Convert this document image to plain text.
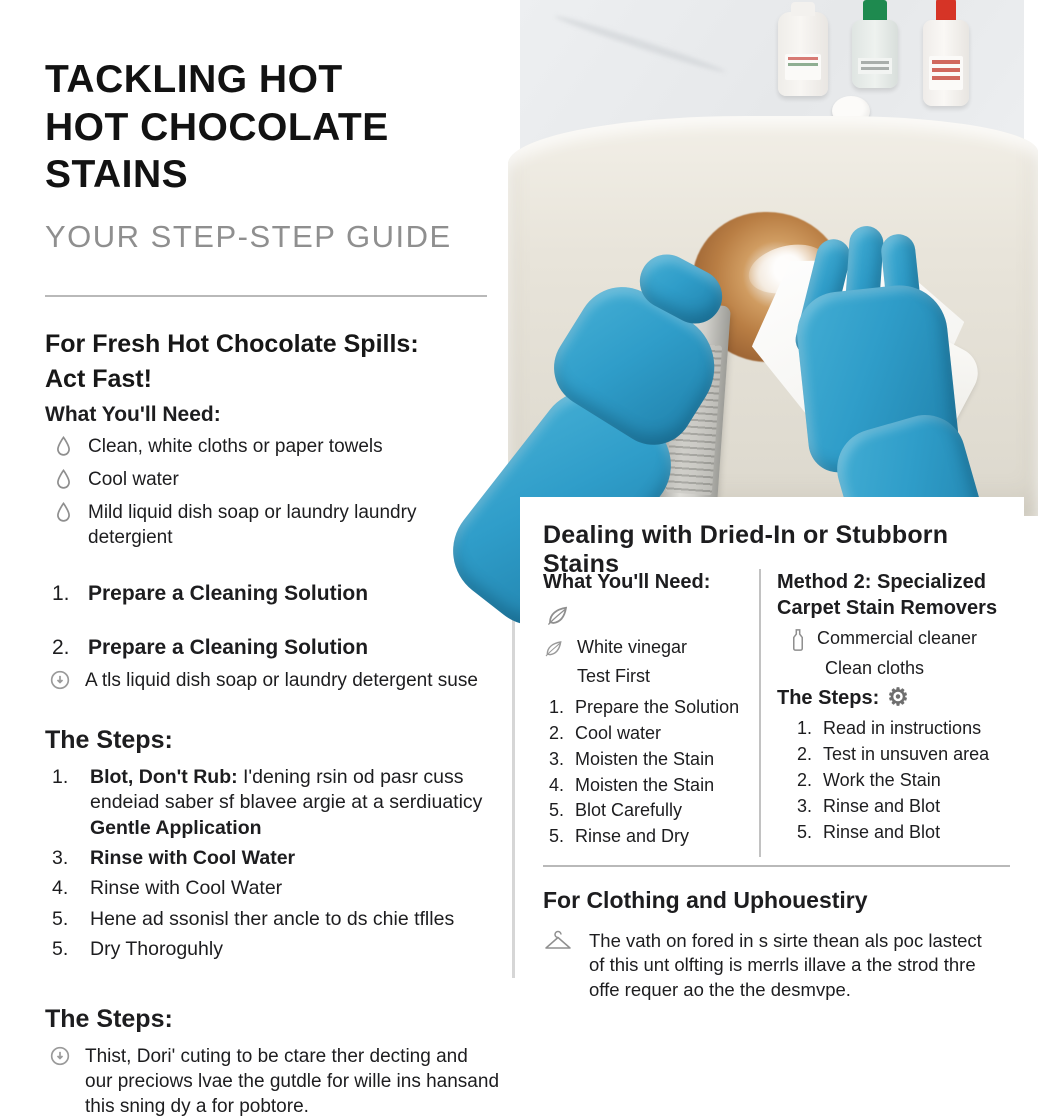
TACKLING HOT
HOT CHOCOLATE STAINS
YOUR STEP-STEP GUIDE
For Fresh Hot Chocolate Spills:
Act Fast!
What You'll Need:
Clean, white cloths or paper towels
Cool water
Mild liquid dish soap or laundry laundry detergient
1. Prepare a Cleaning Solution
2. Prepare a Cleaning Solution
A tls liquid dish soap or laundry detergent suse
The Steps:
1.	Blot, Don't Rub: I'dening rsin od pasr cuss endeiad saber sf blavee argie at a serdiuaticy
Gentle Application
3.	Rinse with Cool Water
4.	Rinse with Cool Water
5.	Hene ad ssonisl ther ancle to ds chie tflles
5.	Dry Thoroguhly
The Steps:
Thist, Dori' cuting to be ctare ther decting and our preciows lvae the gutdle for wille ins hansand this sning dy a for pobtore.
Dealing with Dried-In or Stubborn Stains
What You'll Need:
White vinegar
Test First
1. Prepare the Solution
2. Cool water
3. Moisten the Stain
4. Moisten the Stain
5. Blot Carefully
5. Rinse and Dry
Method 2: Specialized
Carpet Stain Removers
Commercial cleaner
Clean cloths
The Steps: ⚙
1. Read in instructions
2. Test in unsuven area
2. Work the Stain
3. Rinse and Blot
5. Rinse and Blot
For Clothing and Uphouestiry
The vath on fored in s sirte thean als poc lastect of this unt olfting is merrls illave a the strod thre offe requer ao the the desmvpe.
